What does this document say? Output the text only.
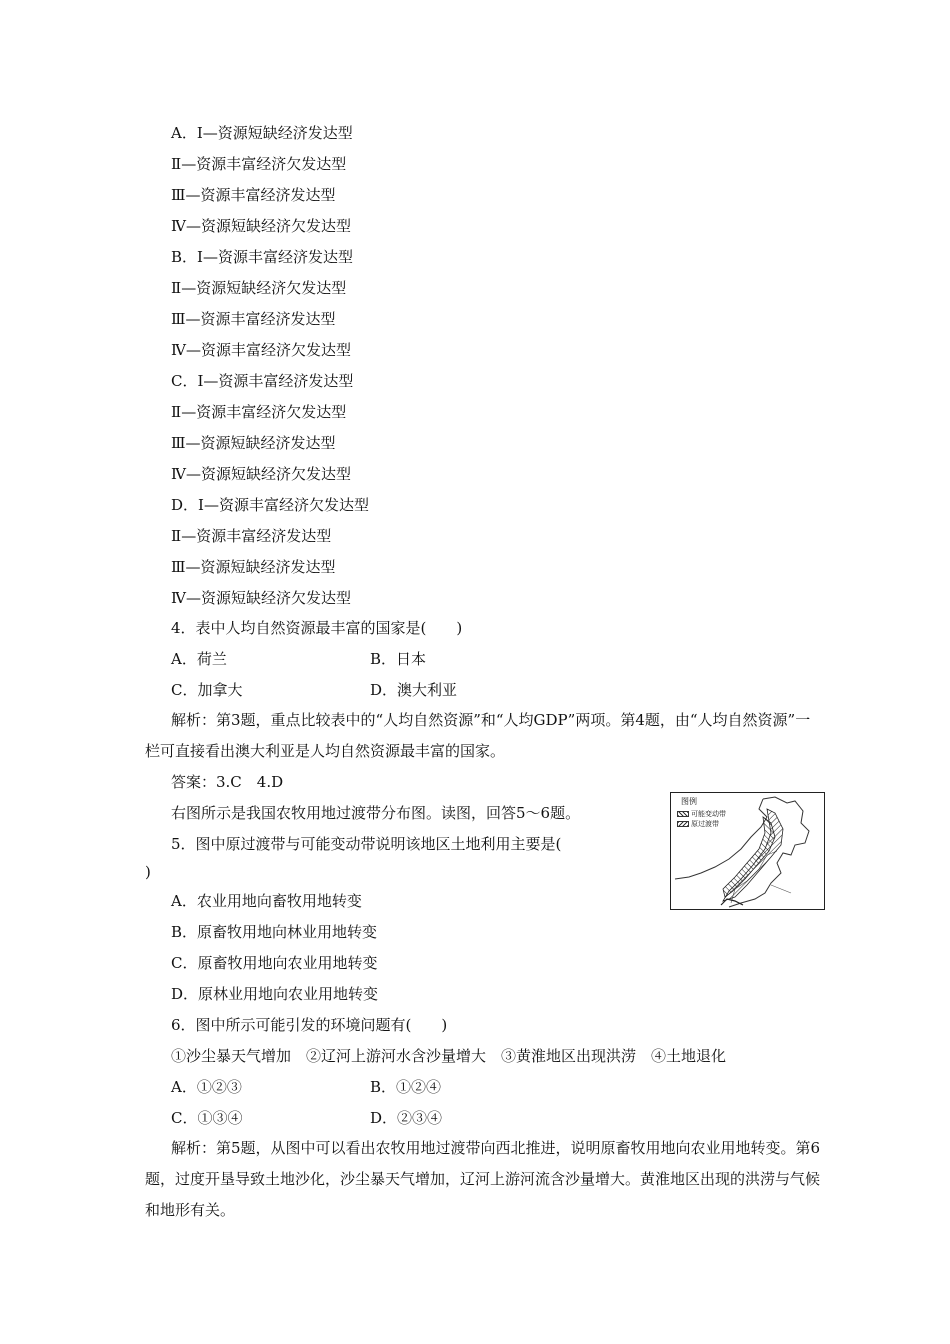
A．Ⅰ—资源短缺经济发达型
Ⅱ—资源丰富经济欠发达型
Ⅲ—资源丰富经济发达型
Ⅳ—资源短缺经济欠发达型
B．Ⅰ—资源丰富经济发达型
Ⅱ—资源短缺经济欠发达型
Ⅲ—资源丰富经济发达型
Ⅳ—资源丰富经济欠发达型
C．Ⅰ—资源丰富经济发达型
Ⅱ—资源丰富经济欠发达型
Ⅲ—资源短缺经济发达型
Ⅳ—资源短缺经济欠发达型
D．Ⅰ—资源丰富经济欠发达型
Ⅱ—资源丰富经济发达型
Ⅲ—资源短缺经济发达型
Ⅳ—资源短缺经济欠发达型
4．表中人均自然资源最丰富的国家是(　　)
A．荷兰	B．日本
C．加拿大	D．澳大利亚
解析：第3题，重点比较表中的“人均自然资源”和“人均GDP”两项。第4题，由“人均自然资源”一栏可直接看出澳大利亚是人均自然资源最丰富的国家。
答案：3.C　4.D
右图所示是我国农牧用地过渡带分布图。读图，回答5～6题。
5．图中原过渡带与可能变动带说明该地区土地利用主要是(
)
A．农业用地向畜牧用地转变
B．原畜牧用地向林业用地转变
C．原畜牧用地向农业用地转变
D．原林业用地向农业用地转变
图例
可能变动带
原过渡带
6．图中所示可能引发的环境问题有(　　)
①沙尘暴天气增加　②辽河上游河水含沙量增大　③黄淮地区出现洪涝　④土地退化
A．①②③	B．①②④
C．①③④	D．②③④
解析：第5题，从图中可以看出农牧用地过渡带向西北推进，说明原畜牧用地向农业用地转变。第6题，过度开垦导致土地沙化，沙尘暴天气增加，辽河上游河流含沙量增大。黄淮地区出现的洪涝与气候和地形有关。
